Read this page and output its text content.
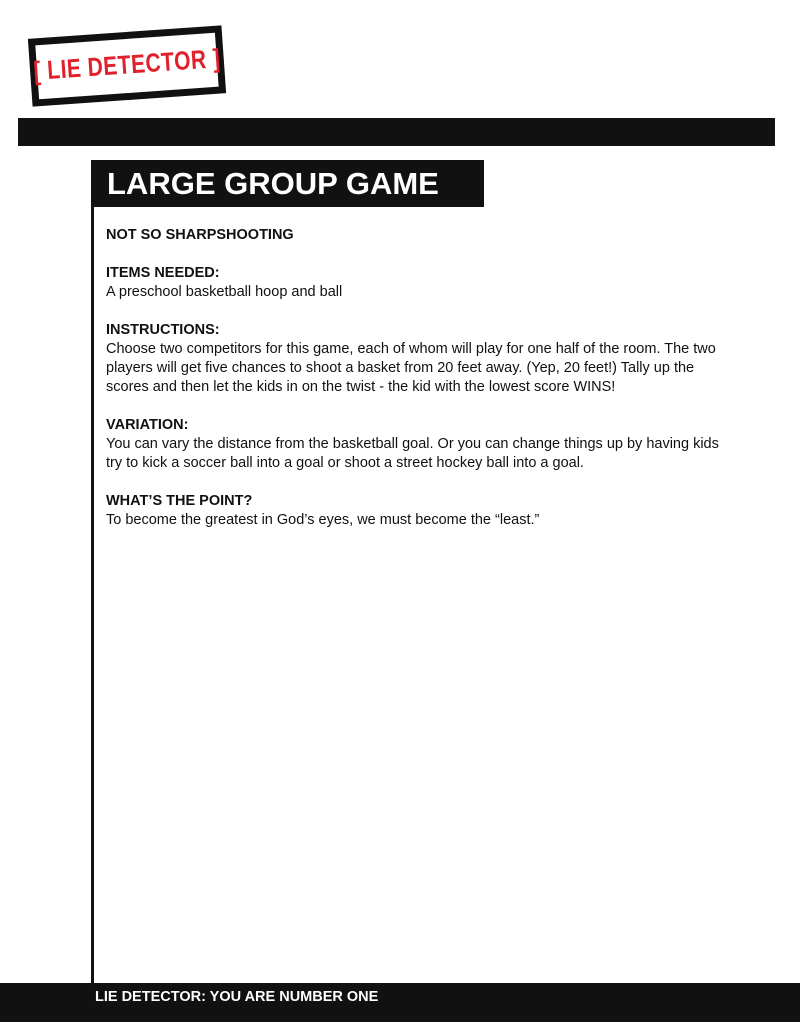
[ LIE DETECTOR ]
LARGE GROUP GAME
NOT SO SHARPSHOOTING
ITEMS NEEDED:

A preschool basketball hoop and ball

INSTRUCTIONS:

Choose two competitors for this game, each of whom will play for one half of the room. The two players will get five chances to shoot a basket from 20 feet away. (Yep, 20 feet!) Tally up the scores and then let the kids in on the twist - the kid with the lowest score WINS!

VARIATION:

You can vary the distance from the basketball goal. Or you can change things up by having kids try to kick a soccer ball into a goal or shoot a street hockey ball into a goal.

WHAT’S THE POINT?

To become the greatest in God’s eyes, we must become the “least.”

LIE DETECTOR: YOU ARE NUMBER ONE
